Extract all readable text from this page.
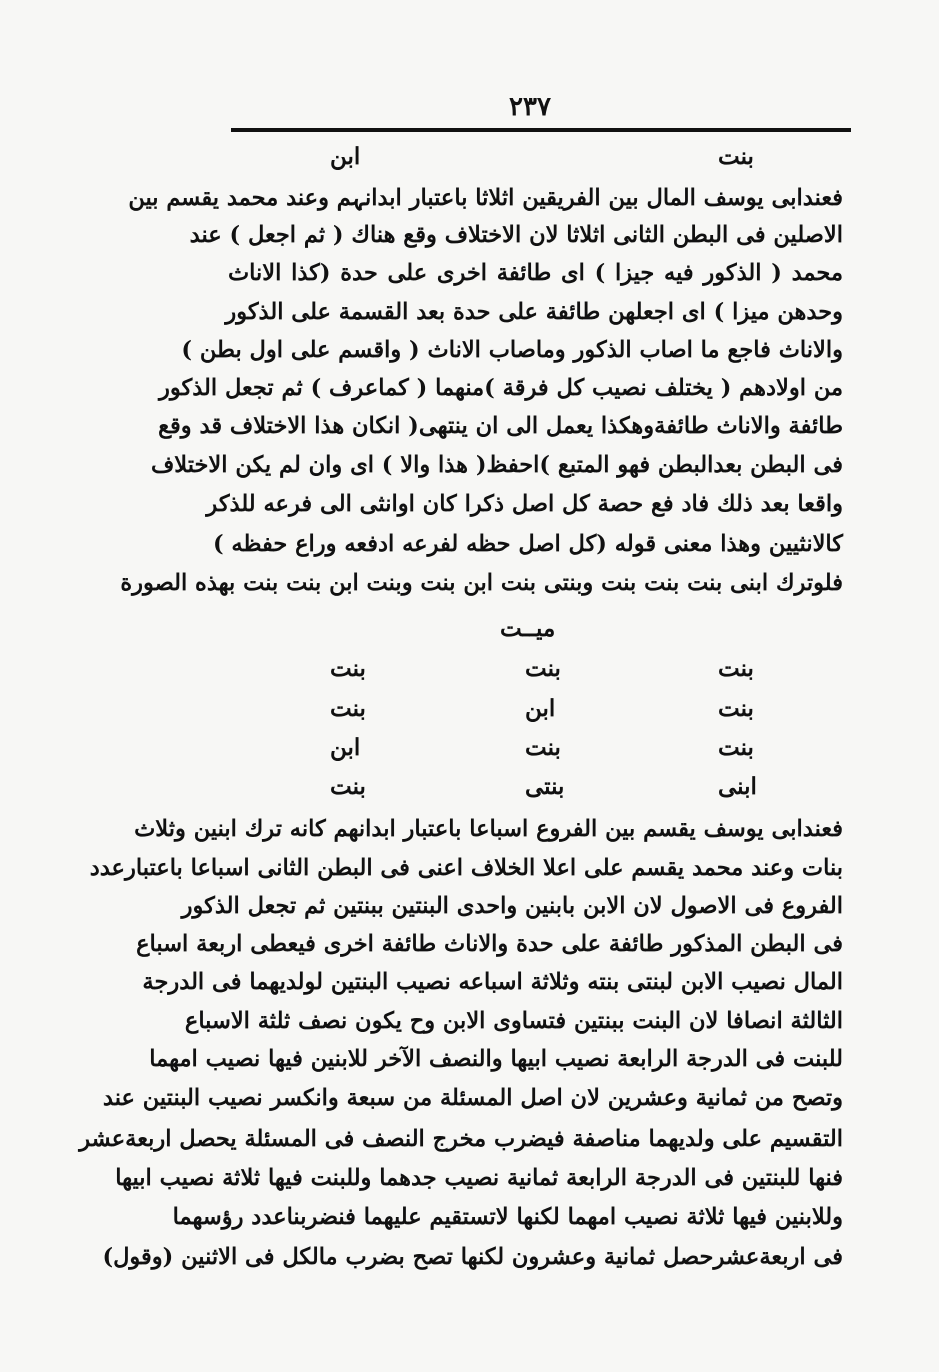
٢٣٧
بنت
ابن
فعندابی یوسف المال بین الفریقین اثلاثا باعتبار ابدانہم وعند محمد یقسم بین
الاصلین فی البطن الثانی اثلاثا لان الاختلاف وقع ھناك ( ثم اجعل ) عند
محمد ( الذكور فیه جیزا ) ای طائفة اخری علی حدة (كذا الاناث
وحدهن میزا ) ای اجعلهن طائفة علی حدة بعد القسمة علی الذكور
والاناث فاجع ما اصاب الذكور وماصاب الاناث ( واقسم علی اول بطن )
من اولادهم ( یختلف نصیب كل فرقة )منهما ( كماعرف ) ثم تجعل الذكور
طائفة والاناث طائفةوهكذا یعمل الی ان ینتهی( انكان هذا الاختلاف قد وقع
فی البطن بعدالبطن فهو المتبع )احفظ( هذا والا ) ای وان لم یكن الاختلاف
واقعا بعد ذلك فاد فع حصة كل اصل ذكرا كان اوانثی الی فرعه للذكر
كالانثیین وهذا معنی قوله (كل اصل حظه لفرعه ادفعه وراع حفظه )
فلوترك ابنی بنت بنت بنت وبنتی بنت ابن بنت وبنت ابن بنت بنت بهذه الصورة
میــت
بنت
بنت
بنت
ابنی
بنت
ابن
بنت
بنتی
بنت
بنت
ابن
بنت
فعندابی یوسف یقسم بین الفروع اسباعا باعتبار ابدانهم كانه ترك ابنین وثلاث
بنات وعند محمد یقسم علی اعلا الخلاف اعنی فی البطن الثانی اسباعا باعتبارعدد
الفروع فی الاصول لان الابن بابنین واحدی البنتین ببنتین ثم تجعل الذكور
فی البطن المذكور طائفة علی حدة والاناث طائفة اخری فیعطی اربعة اسباع
المال نصیب الابن لبنتی بنته وثلاثة اسباعه نصیب البنتین لولدیهما فی الدرجة
الثالثة انصافا لان البنت ببنتین فتساوی الابن وح یكون نصف ثلثة الاسباع
للبنت فی الدرجة الرابعة نصیب ابیها والنصف الآخر للابنین فیها نصیب امهما
وتصح من ثمانیة وعشرین لان اصل المسئلة من سبعة وانكسر نصیب البنتین عند
التقسیم علی ولدیهما مناصفة فیضرب مخرج النصف فی المسئلة یحصل اربعةعشر
فنها للبنتین فی الدرجة الرابعة ثمانیة نصیب جدهما وللبنت فیها ثلاثة نصیب ابیها
وللابنین فیها ثلاثة نصیب امهما لكنها لاتستقیم علیهما فنضربناعدد رؤسهما
فی اربعةعشرحصل ثمانیة وعشرون لكنها تصح بضرب مالكل فی الاثنین (وقول)
